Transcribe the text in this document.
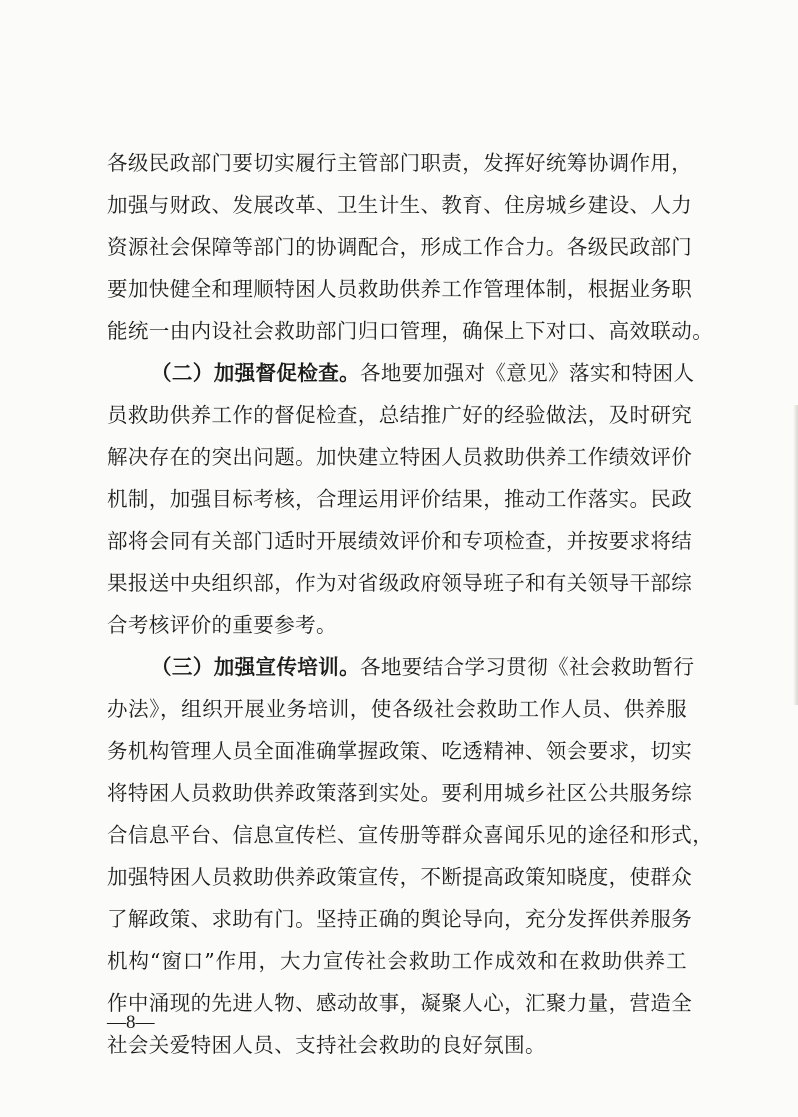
各级民政部门要切实履行主管部门职责，发挥好统筹协调作用，
加强与财政、发展改革、卫生计生、教育、住房城乡建设、人力
资源社会保障等部门的协调配合，形成工作合力。各级民政部门
要加快健全和理顺特困人员救助供养工作管理体制，根据业务职
能统一由内设社会救助部门归口管理，确保上下对口、高效联动。
（二）加强督促检查。各地要加强对《意见》落实和特困人
员救助供养工作的督促检查，总结推广好的经验做法，及时研究
解决存在的突出问题。加快建立特困人员救助供养工作绩效评价
机制，加强目标考核，合理运用评价结果，推动工作落实。民政
部将会同有关部门适时开展绩效评价和专项检查，并按要求将结
果报送中央组织部，作为对省级政府领导班子和有关领导干部综
合考核评价的重要参考。
（三）加强宣传培训。各地要结合学习贯彻《社会救助暂行
办法》，组织开展业务培训，使各级社会救助工作人员、供养服
务机构管理人员全面准确掌握政策、吃透精神、领会要求，切实
将特困人员救助供养政策落到实处。要利用城乡社区公共服务综
合信息平台、信息宣传栏、宣传册等群众喜闻乐见的途径和形式，
加强特困人员救助供养政策宣传，不断提高政策知晓度，使群众
了解政策、求助有门。坚持正确的舆论导向，充分发挥供养服务
机构“窗口”作用，大力宣传社会救助工作成效和在救助供养工
作中涌现的先进人物、感动故事，凝聚人心，汇聚力量，营造全
社会关爱特困人员、支持社会救助的良好氛围。
—8—
